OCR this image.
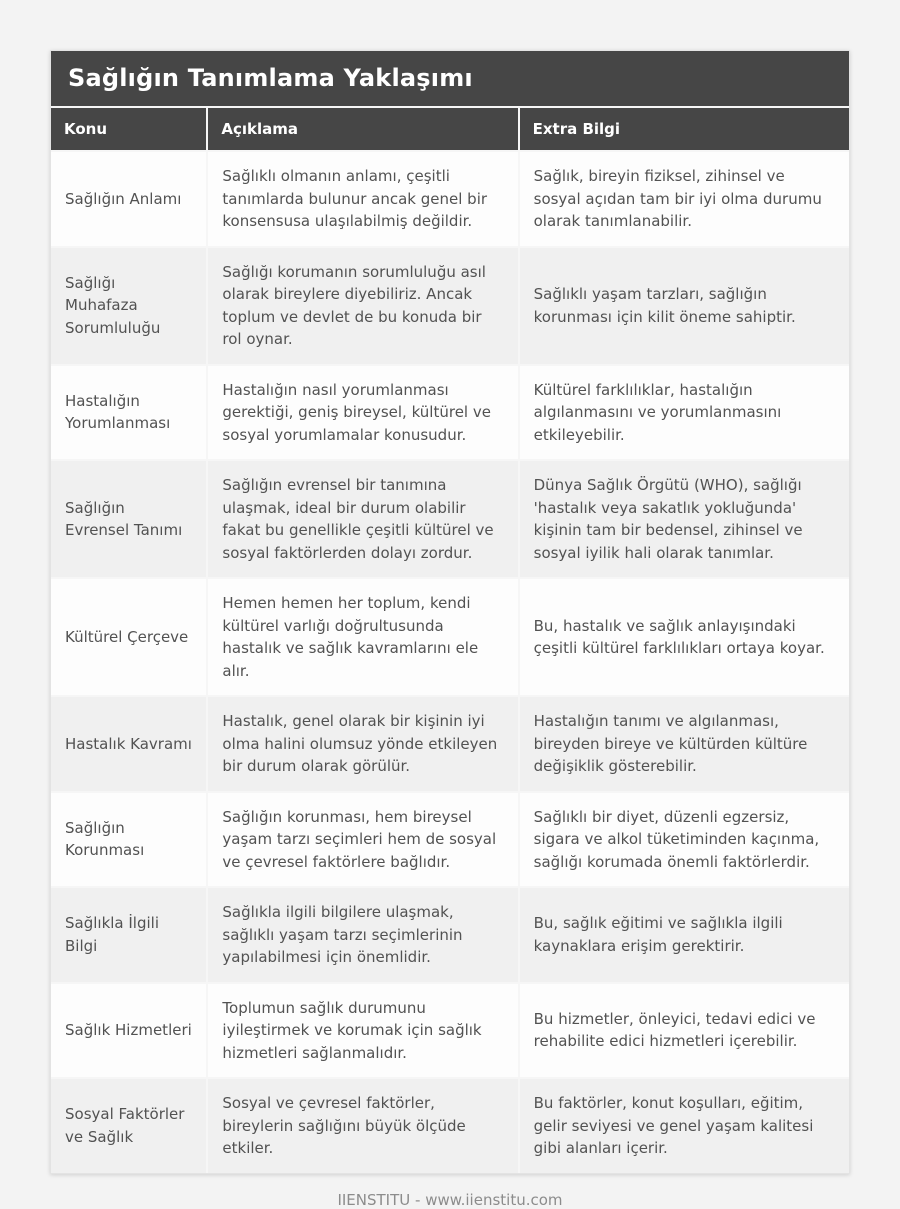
Sağlığın Tanımlama Yaklaşımı
Konu	Açıklama	Extra Bilgi
Sağlığın Anlamı	Sağlıklı olmanın anlamı, çeşitli tanımlarda bulunur ancak genel bir konsensusa ulaşılabilmiş değildir.	Sağlık, bireyin fiziksel, zihinsel ve sosyal açıdan tam bir iyi olma durumu olarak tanımlanabilir.
Sağlığı Muhafaza Sorumluluğu	Sağlığı korumanın sorumluluğu asıl olarak bireylere diyebiliriz. Ancak toplum ve devlet de bu konuda bir rol oynar.	Sağlıklı yaşam tarzları, sağlığın korunması için kilit öneme sahiptir.
Hastalığın Yorumlanması	Hastalığın nasıl yorumlanması gerektiği, geniş bireysel, kültürel ve sosyal yorumlamalar konusudur.	Kültürel farklılıklar, hastalığın algılanmasını ve yorumlanmasını etkileyebilir.
Sağlığın Evrensel Tanımı	Sağlığın evrensel bir tanımına ulaşmak, ideal bir durum olabilir fakat bu genellikle çeşitli kültürel ve sosyal faktörlerden dolayı zordur.	Dünya Sağlık Örgütü (WHO), sağlığı 'hastalık veya sakatlık yokluğunda' kişinin tam bir bedensel, zihinsel ve sosyal iyilik hali olarak tanımlar.
Kültürel Çerçeve	Hemen hemen her toplum, kendi kültürel varlığı doğrultusunda hastalık ve sağlık kavramlarını ele alır.	Bu, hastalık ve sağlık anlayışındaki çeşitli kültürel farklılıkları ortaya koyar.
Hastalık Kavramı	Hastalık, genel olarak bir kişinin iyi olma halini olumsuz yönde etkileyen bir durum olarak görülür.	Hastalığın tanımı ve algılanması, bireyden bireye ve kültürden kültüre değişiklik gösterebilir.
Sağlığın Korunması	Sağlığın korunması, hem bireysel yaşam tarzı seçimleri hem de sosyal ve çevresel faktörlere bağlıdır.	Sağlıklı bir diyet, düzenli egzersiz, sigara ve alkol tüketiminden kaçınma, sağlığı korumada önemli faktörlerdir.
Sağlıkla İlgili Bilgi	Sağlıkla ilgili bilgilere ulaşmak, sağlıklı yaşam tarzı seçimlerinin yapılabilmesi için önemlidir.	Bu, sağlık eğitimi ve sağlıkla ilgili kaynaklara erişim gerektirir.
Sağlık Hizmetleri	Toplumun sağlık durumunu iyileştirmek ve korumak için sağlık hizmetleri sağlanmalıdır.	Bu hizmetler, önleyici, tedavi edici ve rehabilite edici hizmetleri içerebilir.
Sosyal Faktörler ve Sağlık	Sosyal ve çevresel faktörler, bireylerin sağlığını büyük ölçüde etkiler.	Bu faktörler, konut koşulları, eğitim, gelir seviyesi ve genel yaşam kalitesi gibi alanları içerir.
IIENSTITU - www.iienstitu.com
